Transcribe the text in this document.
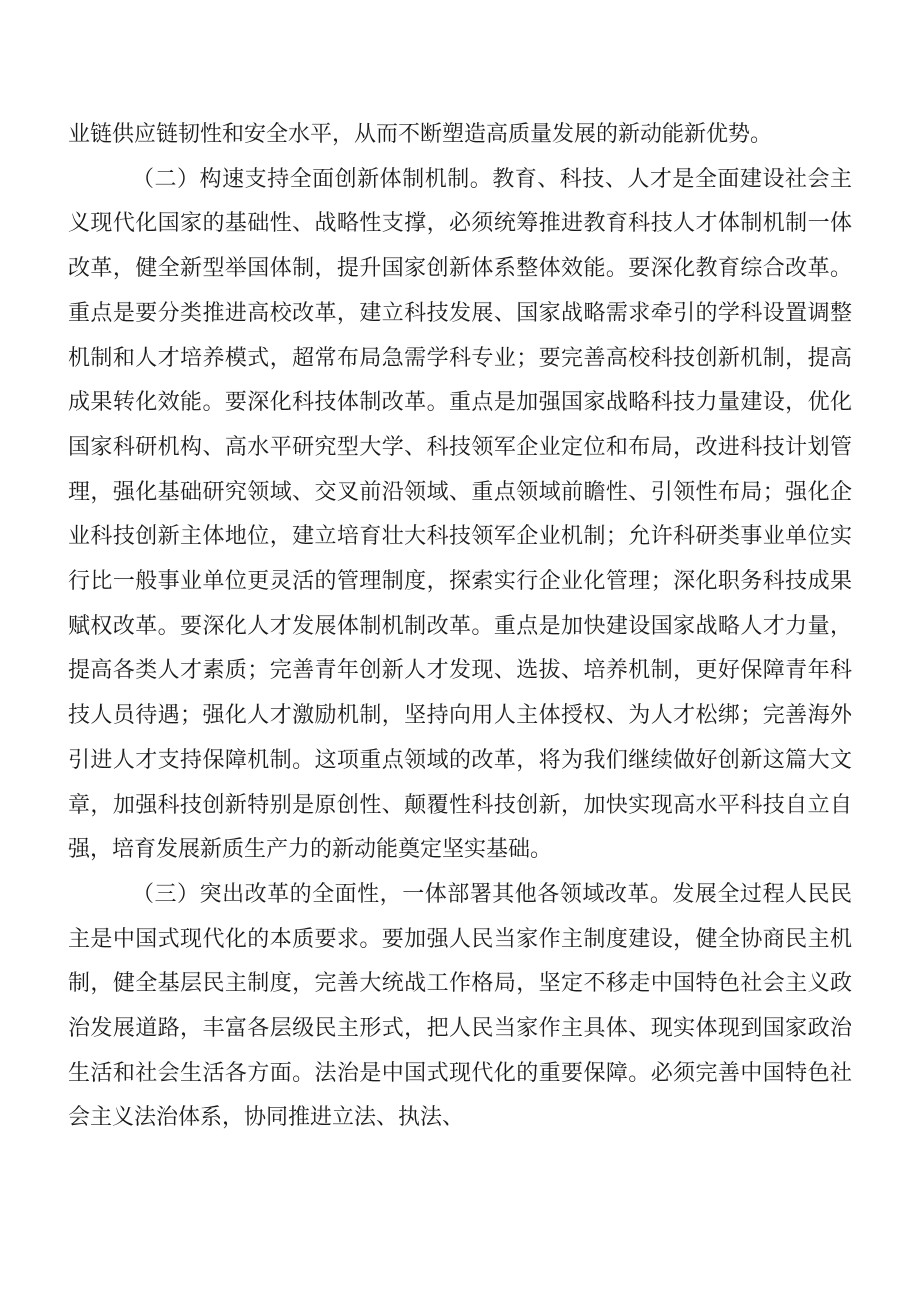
业链供应链韧性和安全水平，从而不断塑造高质量发展的新动能新优势。

（二）构速支持全面创新体制机制。教育、科技、人才是全面建设社会主义现代化国家的基础性、战略性支撑，必须统筹推进教育科技人才体制机制一体改革，健全新型举国体制，提升国家创新体系整体效能。要深化教育综合改革。重点是要分类推进高校改革，建立科技发展、国家战略需求牵引的学科设置调整机制和人才培养模式，超常布局急需学科专业；要完善高校科技创新机制，提高成果转化效能。要深化科技体制改革。重点是加强国家战略科技力量建设，优化国家科研机构、高水平研究型大学、科技领军企业定位和布局，改进科技计划管理，强化基础研究领域、交叉前沿领域、重点领域前瞻性、引领性布局；强化企业科技创新主体地位，建立培育壮大科技领军企业机制；允许科研类事业单位实行比一般事业单位更灵活的管理制度，探索实行企业化管理；深化职务科技成果赋权改革。要深化人才发展体制机制改革。重点是加快建设国家战略人才力量，提高各类人才素质；完善青年创新人才发现、选拔、培养机制，更好保障青年科技人员待遇；强化人才激励机制，坚持向用人主体授权、为人才松绑；完善海外引进人才支持保障机制。这项重点领域的改革，将为我们继续做好创新这篇大文章，加强科技创新特别是原创性、颠覆性科技创新，加快实现高水平科技自立自强，培育发展新质生产力的新动能奠定坚实基础。

（三）突出改革的全面性，一体部署其他各领域改革。发展全过程人民民主是中国式现代化的本质要求。要加强人民当家作主制度建设，健全协商民主机制，健全基层民主制度，完善大统战工作格局，坚定不移走中国特色社会主义政治发展道路，丰富各层级民主形式，把人民当家作主具体、现实体现到国家政治生活和社会生活各方面。法治是中国式现代化的重要保障。必须完善中国特色社会主义法治体系，协同推进立法、执法、
